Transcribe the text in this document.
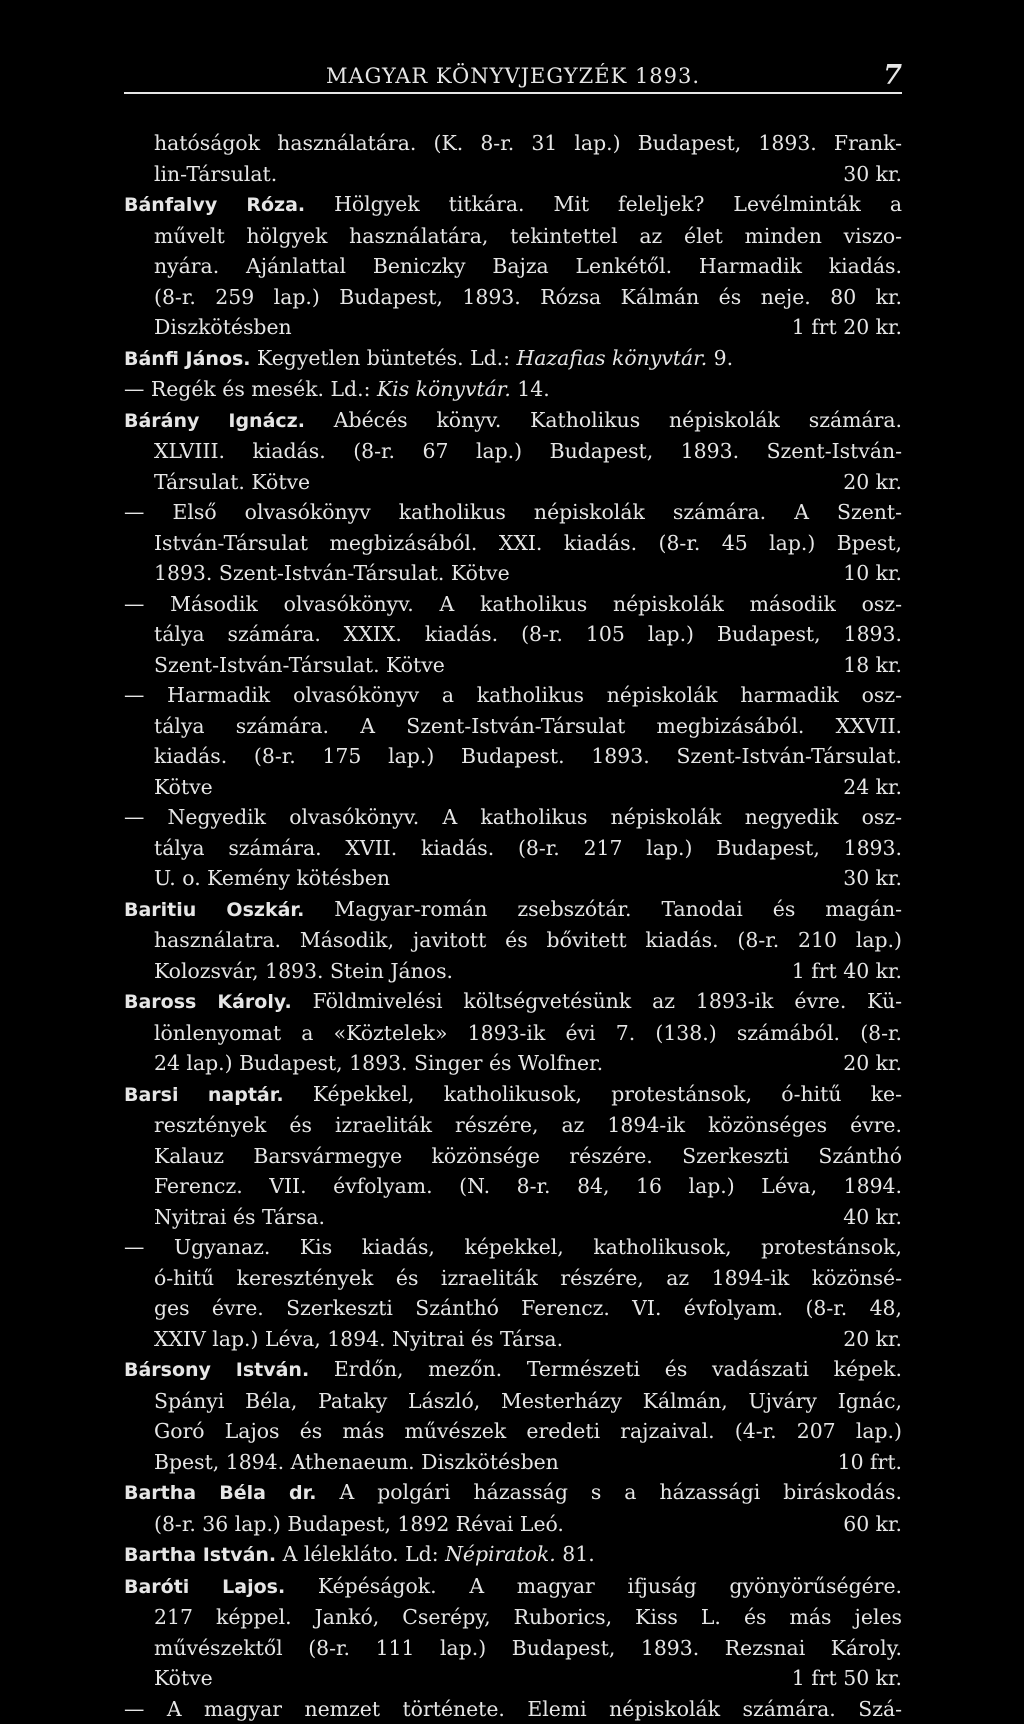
MAGYAR KÖNYVJEGYZÉK 1893.	7
hatóságok használatára. (K. 8-r. 31 lap.) Budapest, 1893. Frank-
lin-Társulat.	30 kr.
Bánfalvy Róza. Hölgyek titkára. Mit feleljek? Levélminták a
művelt hölgyek használatára, tekintettel az élet minden viszo-
nyára. Ajánlattal Beniczky Bajza Lenkétől. Harmadik kiadás.
(8-r. 259 lap.) Budapest, 1893. Rózsa Kálmán és neje. 80 kr.
Diszkötésben	1 frt 20 kr.
Bánfi János. Kegyetlen büntetés. Ld.: Hazafias könyvtár. 9.
— Regék és mesék. Ld.: Kis könyvtár. 14.
Bárány Ignácz. Abécés könyv. Katholikus népiskolák számára.
XLVIII. kiadás. (8-r. 67 lap.) Budapest, 1893. Szent-István-
Társulat. Kötve	20 kr.
— Első olvasókönyv katholikus népiskolák számára. A Szent-
István-Társulat megbizásából. XXI. kiadás. (8-r. 45 lap.) Bpest,
1893. Szent-István-Társulat. Kötve	10 kr.
— Második olvasókönyv. A katholikus népiskolák második osz-
tálya számára. XXIX. kiadás. (8-r. 105 lap.) Budapest, 1893.
Szent-István-Társulat. Kötve	18 kr.
— Harmadik olvasókönyv a katholikus népiskolák harmadik osz-
tálya számára. A Szent-István-Társulat megbizásából. XXVII.
kiadás. (8-r. 175 lap.) Budapest. 1893. Szent-István-Társulat.
Kötve	24 kr.
— Negyedik olvasókönyv. A katholikus népiskolák negyedik osz-
tálya számára. XVII. kiadás. (8-r. 217 lap.) Budapest, 1893.
U. o. Kemény kötésben	30 kr.
Baritiu Oszkár. Magyar-román zsebszótár. Tanodai és magán-
használatra. Második, javitott és bővitett kiadás. (8-r. 210 lap.)
Kolozsvár, 1893. Stein János.	1 frt 40 kr.
Baross Károly. Földmivelési költségvetésünk az 1893-ik évre. Kü-
lönlenyomat a «Köztelek» 1893-ik évi 7. (138.) számából. (8-r.
24 lap.) Budapest, 1893. Singer és Wolfner.	20 kr.
Barsi naptár. Képekkel, katholikusok, protestánsok, ó-hitű ke-
resztények és izraeliták részére, az 1894-ik közönséges évre.
Kalauz Barsvármegye közönsége részére. Szerkeszti Szánthó
Ferencz. VII. évfolyam. (N. 8-r. 84, 16 lap.) Léva, 1894.
Nyitrai és Társa.	40 kr.
— Ugyanaz. Kis kiadás, képekkel, katholikusok, protestánsok,
ó-hitű keresztények és izraeliták részére, az 1894-ik közönsé-
ges évre. Szerkeszti Szánthó Ferencz. VI. évfolyam. (8-r. 48,
XXIV lap.) Léva, 1894. Nyitrai és Társa.	20 kr.
Bársony István. Erdőn, mezőn. Természeti és vadászati képek.
Spányi Béla, Pataky László, Mesterházy Kálmán, Ujváry Ignác,
Goró Lajos és más művészek eredeti rajzaival. (4-r. 207 lap.)
Bpest, 1894. Athenaeum. Diszkötésben	10 frt.
Bartha Béla dr. A polgári házasság s a házassági biráskodás.
(8-r. 36 lap.) Budapest, 1892 Révai Leó.	60 kr.
Bartha István. A lélekláto. Ld: Népiratok. 81.
Baróti Lajos. Képéságok. A magyar ifjuság gyönyörűségére.
217 képpel. Jankó, Cserépy, Ruborics, Kiss L. és más jeles
művészektől (8-r. 111 lap.) Budapest, 1893. Rezsnai Károly.
Kötve	1 frt 50 kr.
— A magyar nemzet története. Elemi népiskolák számára. Szá-
